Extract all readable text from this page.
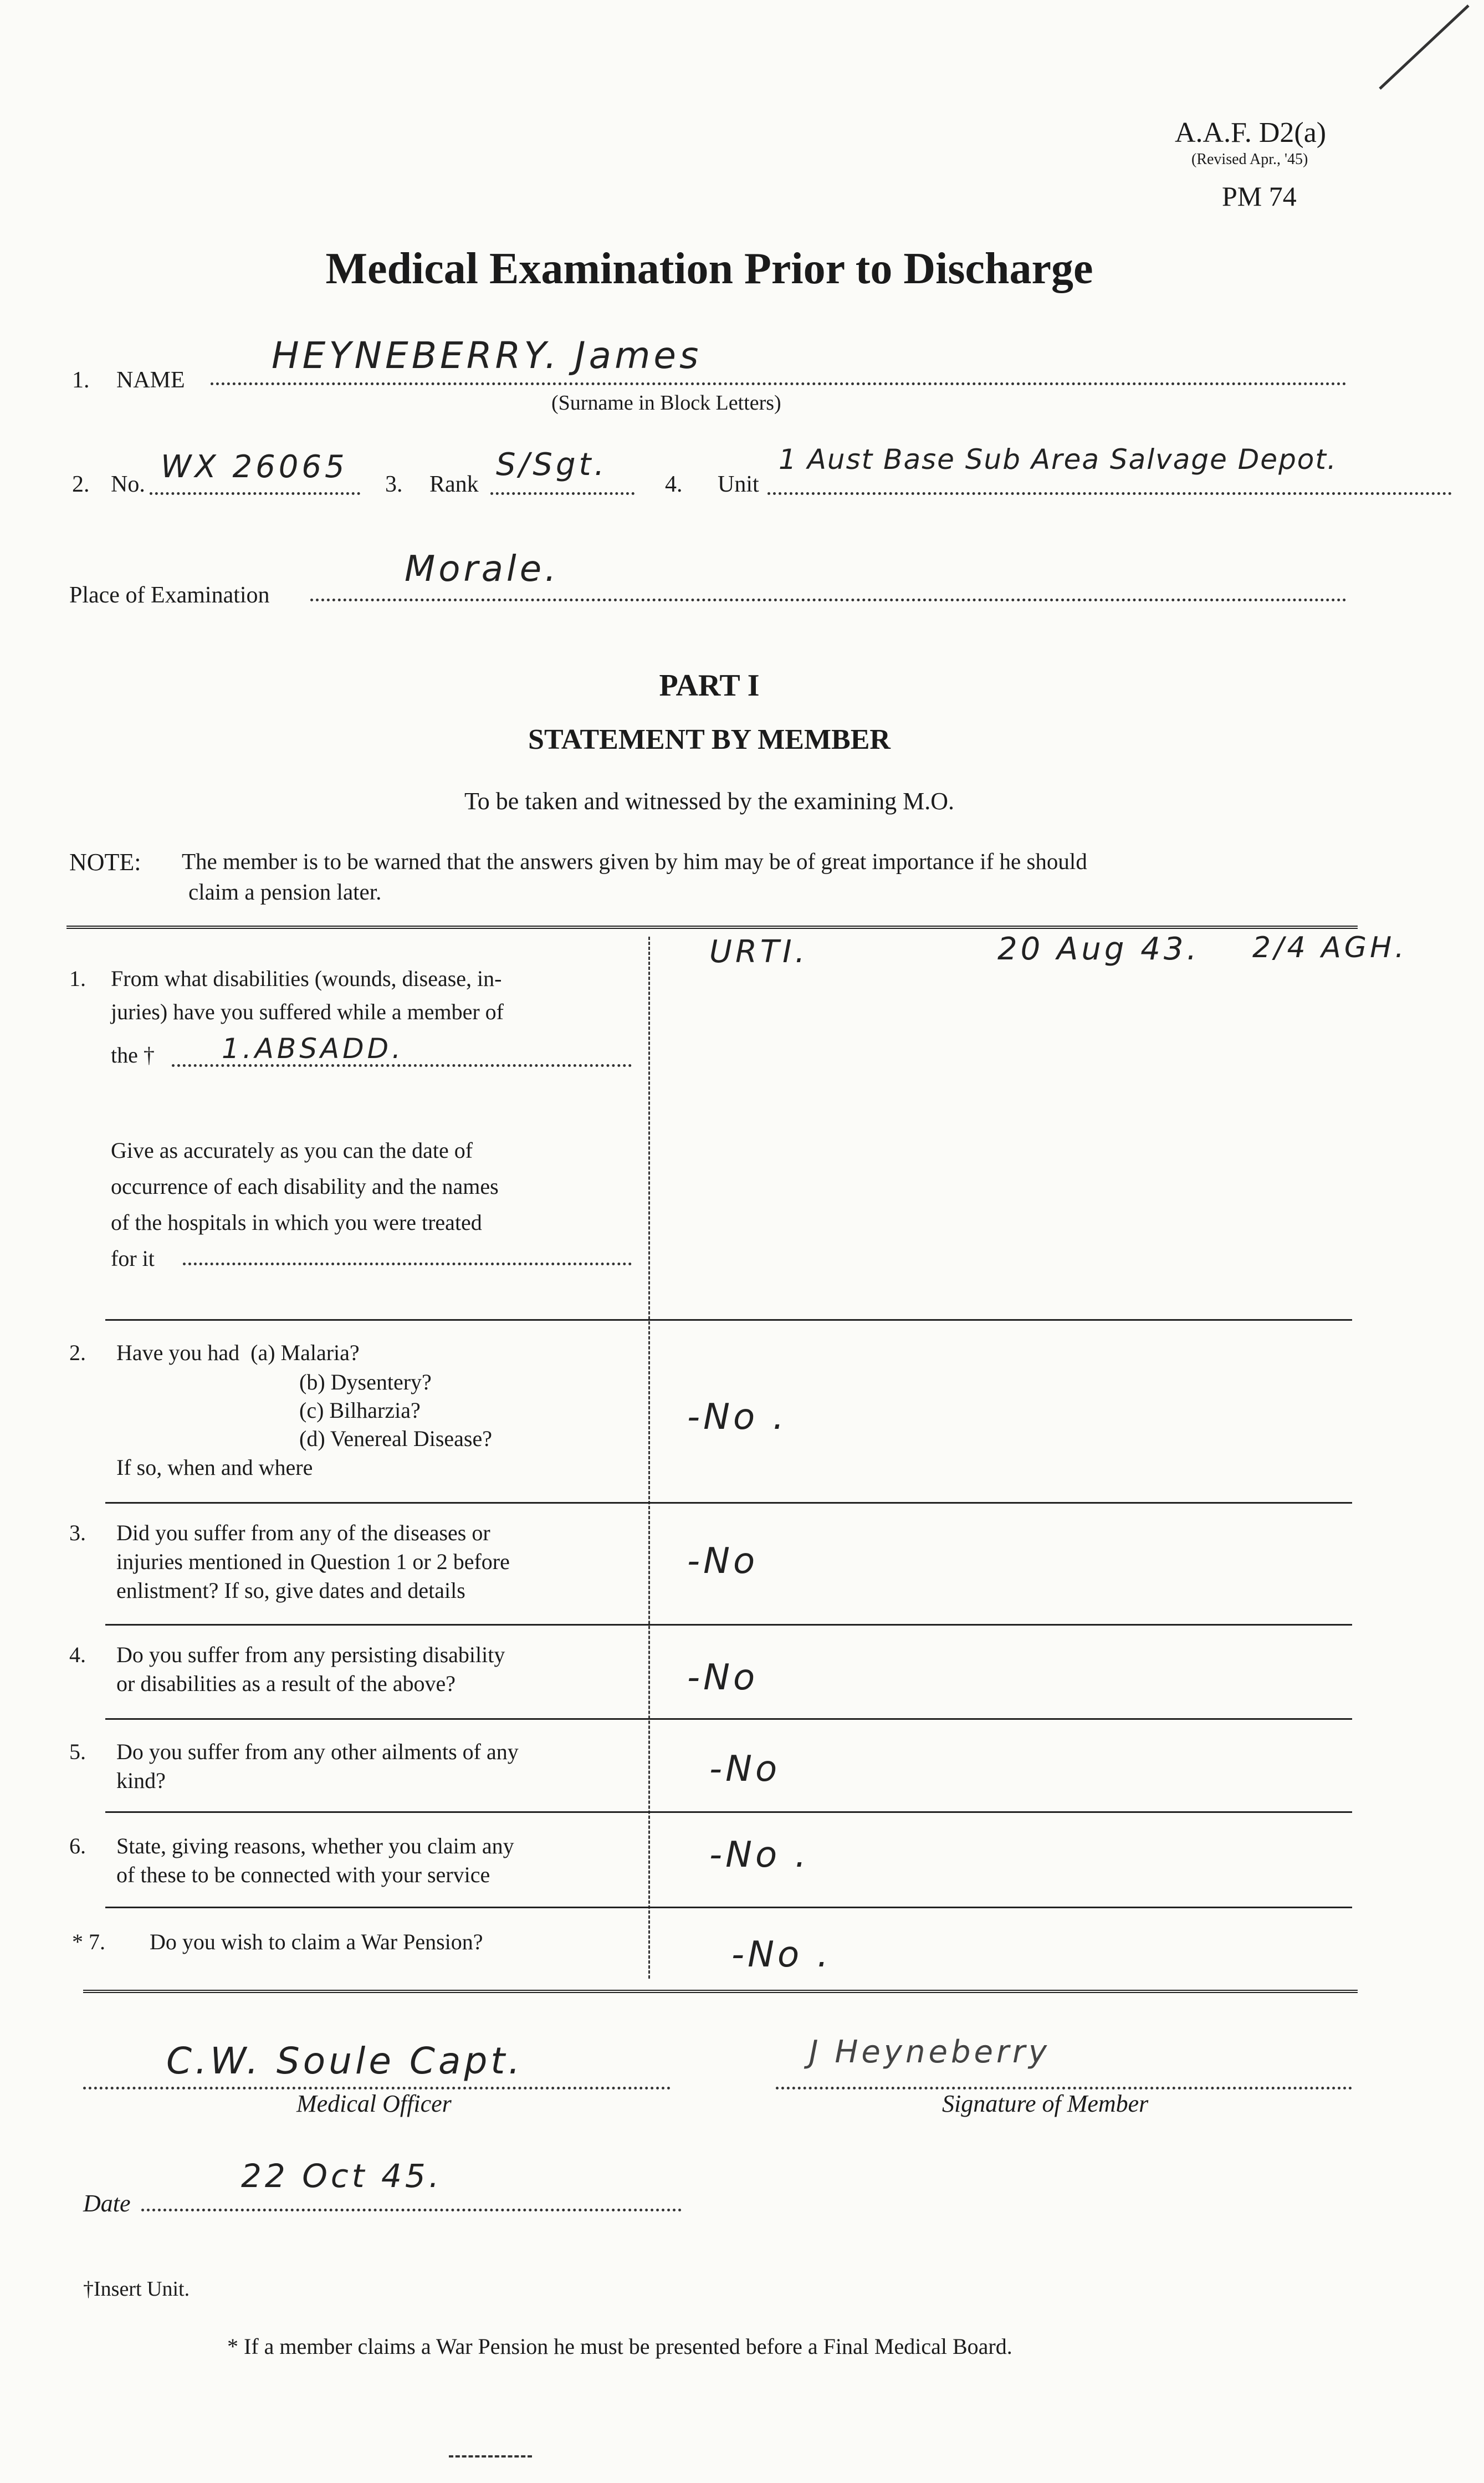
A.A.F. D2(a)
(Revised Apr., '45)
PM 74
Medical Examination Prior to Discharge
1. NAME
HEYNEBERRY. James
(Surname in Block Letters)
2. No. WX 26065 3. Rank
S/Sgt.
4. Unit
1 Aust Base Sub Area Salvage Depot.
Place of Examination
Morale.
PART I
STATEMENT BY MEMBER
To be taken and witnessed by the examining M.O.
NOTE: The member is to be warned that the answers given by him may be of great importance if he should
claim a pension later.
1. From what disabilities (wounds, disease, in-
juries) have you suffered while a member of
the † 1.ABSADD.
Give as accurately as you can the date of
occurrence of each disability and the names
of the hospitals in which you were treated
for it
URTI.	20 Aug 43. 2/4 AGH.
2. Have you had  (a) Malaria?
(b) Dysentery?
(c) Bilharzia?
(d) Venereal Disease?
If so, when and where
-No .
3. Did you suffer from any of the diseases or
injuries mentioned in Question 1 or 2 before
enlistment? If so, give dates and details
-No
4. Do you suffer from any persisting disability
or disabilities as a result of the above?	-No
5. Do you suffer from any other ailments of any
kind?	-No
6. State, giving reasons, whether you claim any
of these to be connected with your service	-No .
* 7. Do you wish to claim a War Pension?	-No .
C.W. Soule Capt.
Medical Officer
J Heyneberry
Signature of Member
Date
22 Oct 45.
†Insert Unit.
* If a member claims a War Pension he must be presented before a Final Medical Board.
